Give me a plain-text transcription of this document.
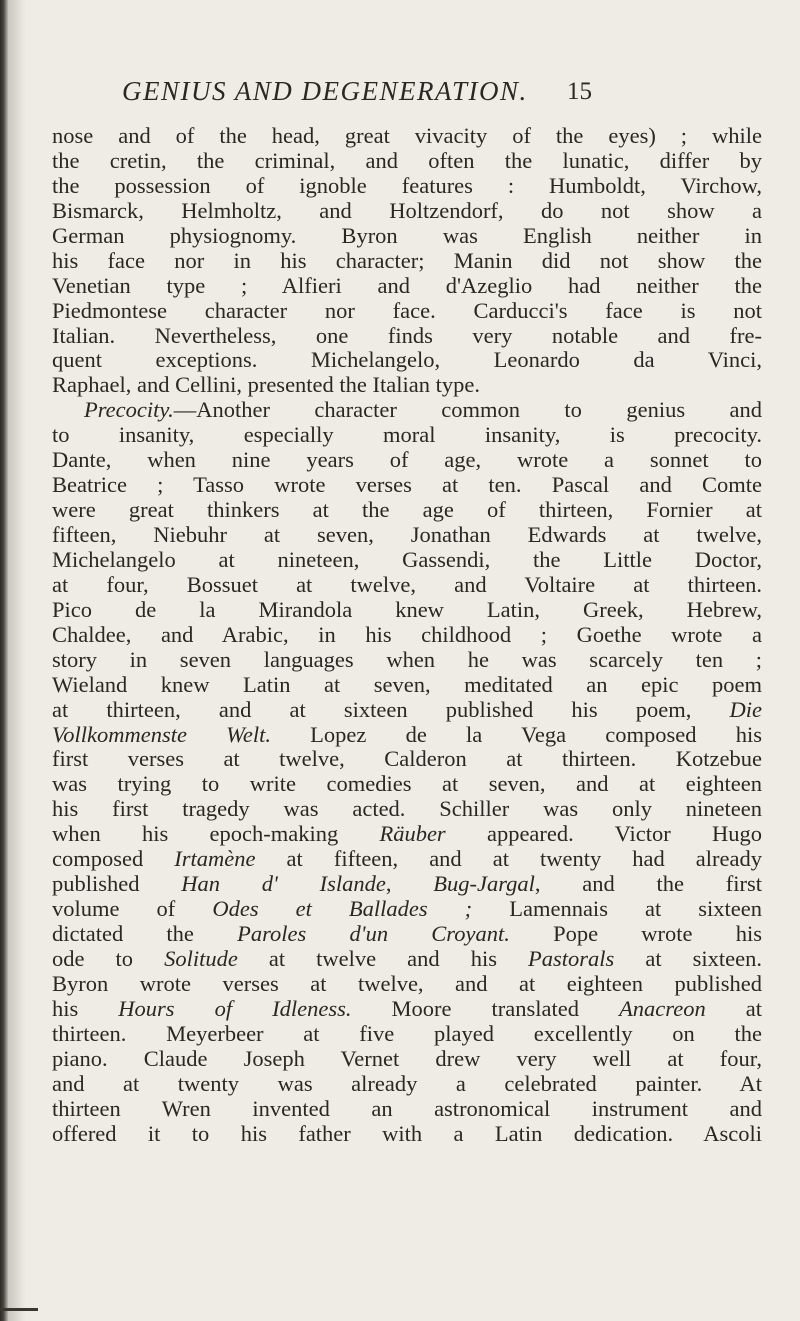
GENIUS AND DEGENERATION. 15
nose and of the head, great vivacity of the eyes) ; while
the cretin, the criminal, and often the lunatic, differ by
the possession of ignoble features : Humboldt, Virchow,
Bismarck, Helmholtz, and Holtzendorf, do not show a
German physiognomy. Byron was English neither in
his face nor in his character; Manin did not show the
Venetian type ; Alfieri and d'Azeglio had neither the
Piedmontese character nor face. Carducci's face is not
Italian. Nevertheless, one finds very notable and fre-
quent exceptions. Michelangelo, Leonardo da Vinci,
Raphael, and Cellini, presented the Italian type.
Precocity.—Another character common to genius and
to insanity, especially moral insanity, is precocity.
Dante, when nine years of age, wrote a sonnet to
Beatrice ; Tasso wrote verses at ten. Pascal and Comte
were great thinkers at the age of thirteen, Fornier at
fifteen, Niebuhr at seven, Jonathan Edwards at twelve,
Michelangelo at nineteen, Gassendi, the Little Doctor,
at four, Bossuet at twelve, and Voltaire at thirteen.
Pico de la Mirandola knew Latin, Greek, Hebrew,
Chaldee, and Arabic, in his childhood ; Goethe wrote a
story in seven languages when he was scarcely ten ;
Wieland knew Latin at seven, meditated an epic poem
at thirteen, and at sixteen published his poem, Die
Vollkommenste Welt. Lopez de la Vega composed his
first verses at twelve, Calderon at thirteen. Kotzebue
was trying to write comedies at seven, and at eighteen
his first tragedy was acted. Schiller was only nineteen
when his epoch-making Räuber appeared. Victor Hugo
composed Irtamène at fifteen, and at twenty had already
published Han d' Islande, Bug-Jargal, and the first
volume of Odes et Ballades ; Lamennais at sixteen
dictated the Paroles d'un Croyant. Pope wrote his
ode to Solitude at twelve and his Pastorals at sixteen.
Byron wrote verses at twelve, and at eighteen published
his Hours of Idleness. Moore translated Anacreon at
thirteen. Meyerbeer at five played excellently on the
piano. Claude Joseph Vernet drew very well at four,
and at twenty was already a celebrated painter. At
thirteen Wren invented an astronomical instrument and
offered it to his father with a Latin dedication. Ascoli
